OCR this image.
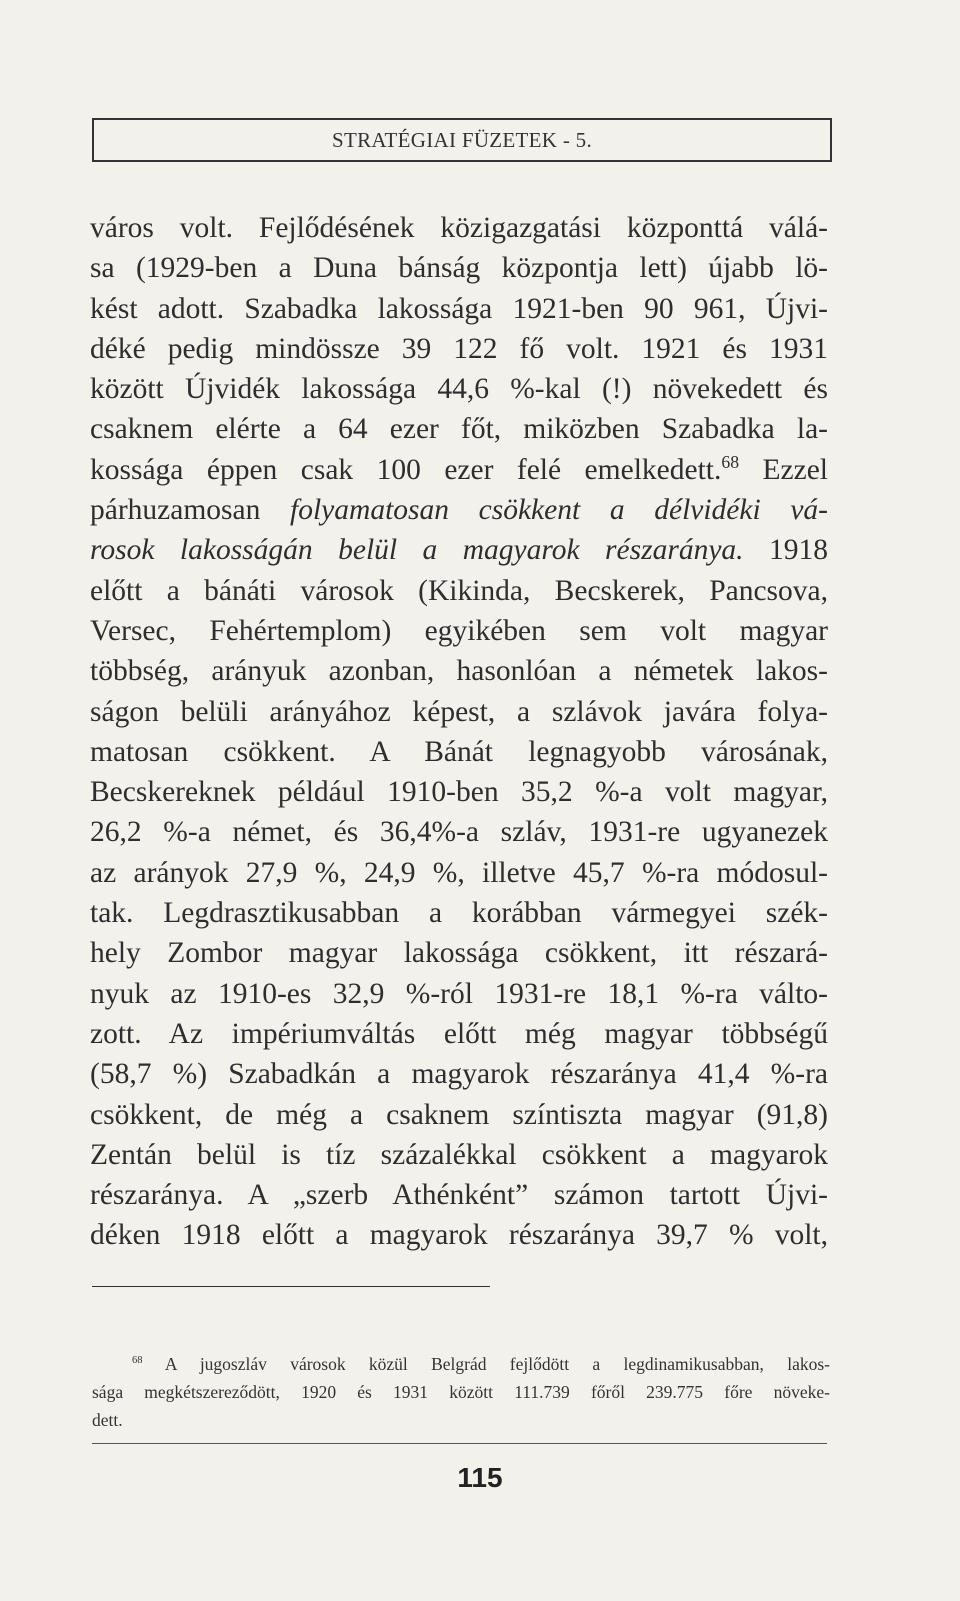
STRATÉGIAI FÜZETEK - 5.
város volt. Fejlődésének közigazgatási központtá válá-
sa (1929-ben a Duna bánság központja lett) újabb lö-
kést adott. Szabadka lakossága 1921-ben 90 961, Újvi-
déké pedig mindössze 39 122 fő volt. 1921 és 1931
között Újvidék lakossága 44,6 %-kal (!) növekedett és
csaknem elérte a 64 ezer főt, miközben Szabadka la-
kossága éppen csak 100 ezer felé emelkedett.$^{68}$ Ezzel
párhuzamosan folyamatosan csökkent a délvidéki vá-
rosok lakosságán belül a magyarok részaránya. 1918
előtt a bánáti városok (Kikinda, Becskerek, Pancsova,
Versec, Fehértemplom) egyikében sem volt magyar
többség, arányuk azonban, hasonlóan a németek lakos-
ságon belüli arányához képest, a szlávok javára folya-
matosan csökkent. A Bánát legnagyobb városának,
Becskereknek például 1910-ben 35,2 %-a volt magyar,
26,2 %-a német, és 36,4%-a szláv, 1931-re ugyanezek
az arányok 27,9 %, 24,9 %, illetve 45,7 %-ra módosul-
tak. Legdrasztikusabban a korábban vármegyei szék-
hely Zombor magyar lakossága csökkent, itt részará-
nyuk az 1910-es 32,9 %-ról 1931-re 18,1 %-ra válto-
zott. Az impériumváltás előtt még magyar többségű
(58,7 %) Szabadkán a magyarok részaránya 41,4 %-ra
csökkent, de még a csaknem színtiszta magyar (91,8)
Zentán belül is tíz százalékkal csökkent a magyarok
részaránya. A „szerb Athénként” számon tartott Újvi-
déken 1918 előtt a magyarok részaránya 39,7 % volt,
$^{68}$ A jugoszláv városok közül Belgrád fejlődött a legdinamikusabban, lakos-
sága megkétszereződött, 1920 és 1931 között 111.739 főről 239.775 főre növeke-
dett.
115
